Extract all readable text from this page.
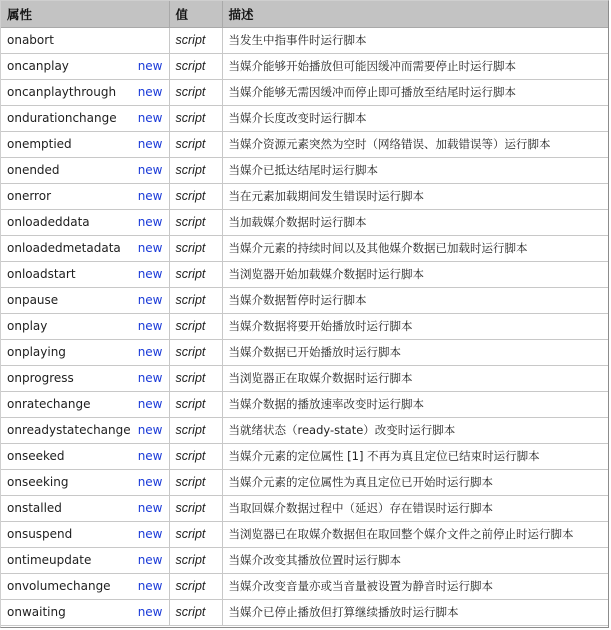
属性	值	描述

onabort	script	当发生中指事件时运行脚本

oncanplay new	script	当媒介能够开始播放但可能因缓冲而需要停止时运行脚本

oncanplaythrough new	script	当媒介能够无需因缓冲而停止即可播放至结尾时运行脚本

ondurationchange new	script	当媒介长度改变时运行脚本

onemptied new	script	当媒介资源元素突然为空时（网络错误、加载错误等）运行脚本

onended new	script	当媒介已抵达结尾时运行脚本

onerror new	script	当在元素加载期间发生错误时运行脚本

onloadeddata new	script	当加载媒介数据时运行脚本

onloadedmetadata new	script	当媒介元素的持续时间以及其他媒介数据已加载时运行脚本

onloadstart new	script	当浏览器开始加载媒介数据时运行脚本

onpause new	script	当媒介数据暂停时运行脚本

onplay new	script	当媒介数据将要开始播放时运行脚本

onplaying new	script	当媒介数据已开始播放时运行脚本

onprogress new	script	当浏览器正在取媒介数据时运行脚本

onratechange new	script	当媒介数据的播放速率改变时运行脚本

onreadystatechange new	script	当就绪状态（ready-state）改变时运行脚本

onseeked new	script	当媒介元素的定位属性 [1] 不再为真且定位已结束时运行脚本

onseeking new	script	当媒介元素的定位属性为真且定位已开始时运行脚本

onstalled new	script	当取回媒介数据过程中（延迟）存在错误时运行脚本

onsuspend new	script	当浏览器已在取媒介数据但在取回整个媒介文件之前停止时运行脚本

ontimeupdate new	script	当媒介改变其播放位置时运行脚本

onvolumechange new	script	当媒介改变音量亦或当音量被设置为静音时运行脚本

onwaiting new	script	当媒介已停止播放但打算继续播放时运行脚本
